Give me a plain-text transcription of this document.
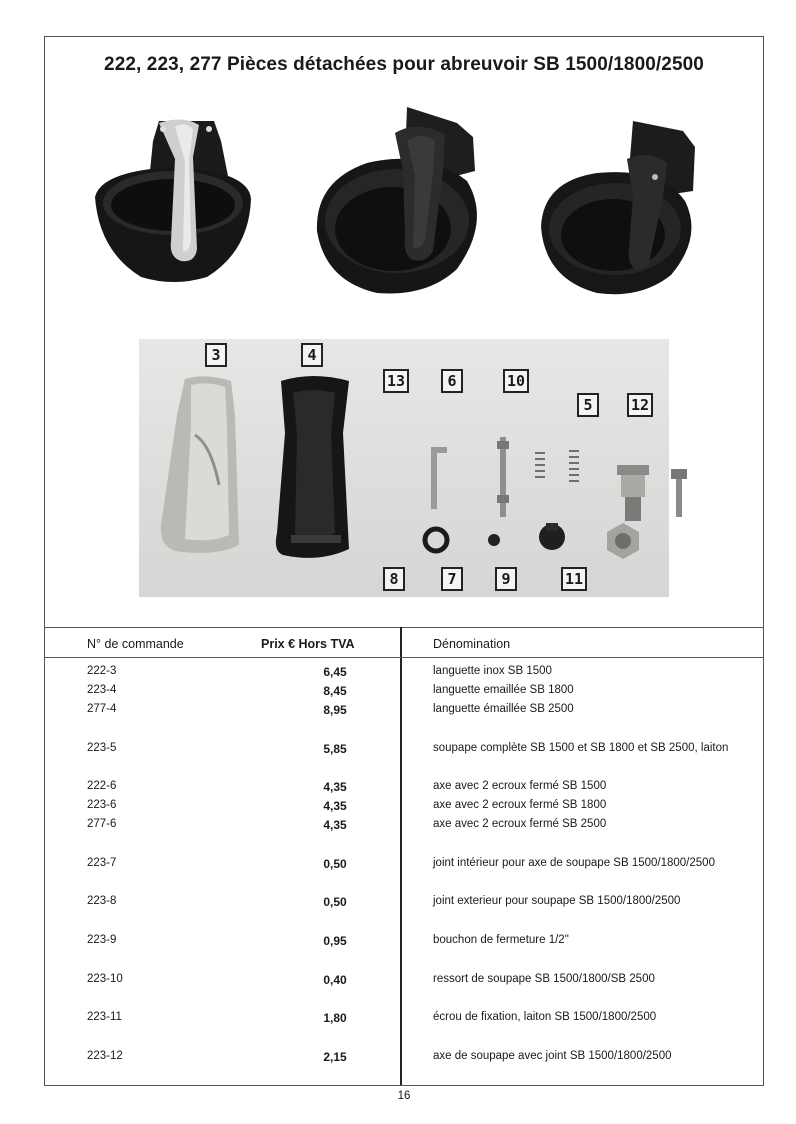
222, 223, 277 Pièces détachées pour abreuvoir SB 1500/1800/2500
3	4
13	6	10
5	12
8	7	9	11
N° de commande	Prix € Hors TVA	Dénomination
222-3	6,45	languette inox SB 1500
223-4	8,45	languette emaillée SB 1800
277-4	8,95	languette émaillée SB 2500
223-5	5,85	soupape complète SB 1500 et SB 1800 et SB 2500, laiton
222-6	4,35	axe avec 2 ecroux fermé SB 1500
223-6	4,35	axe avec 2 ecroux fermé SB 1800
277-6	4,35	axe avec 2 ecroux fermé SB 2500
223-7	0,50	joint intérieur pour axe de soupape SB 1500/1800/2500
223-8	0,50	joint exterieur pour soupape SB 1500/1800/2500
223-9	0,95	bouchon de fermeture 1/2"
223-10	0,40	ressort de soupape SB 1500/1800/SB 2500
223-11	1,80	écrou de fixation, laiton SB 1500/1800/2500
223-12	2,15	axe de soupape avec joint SB 1500/1800/2500
16
